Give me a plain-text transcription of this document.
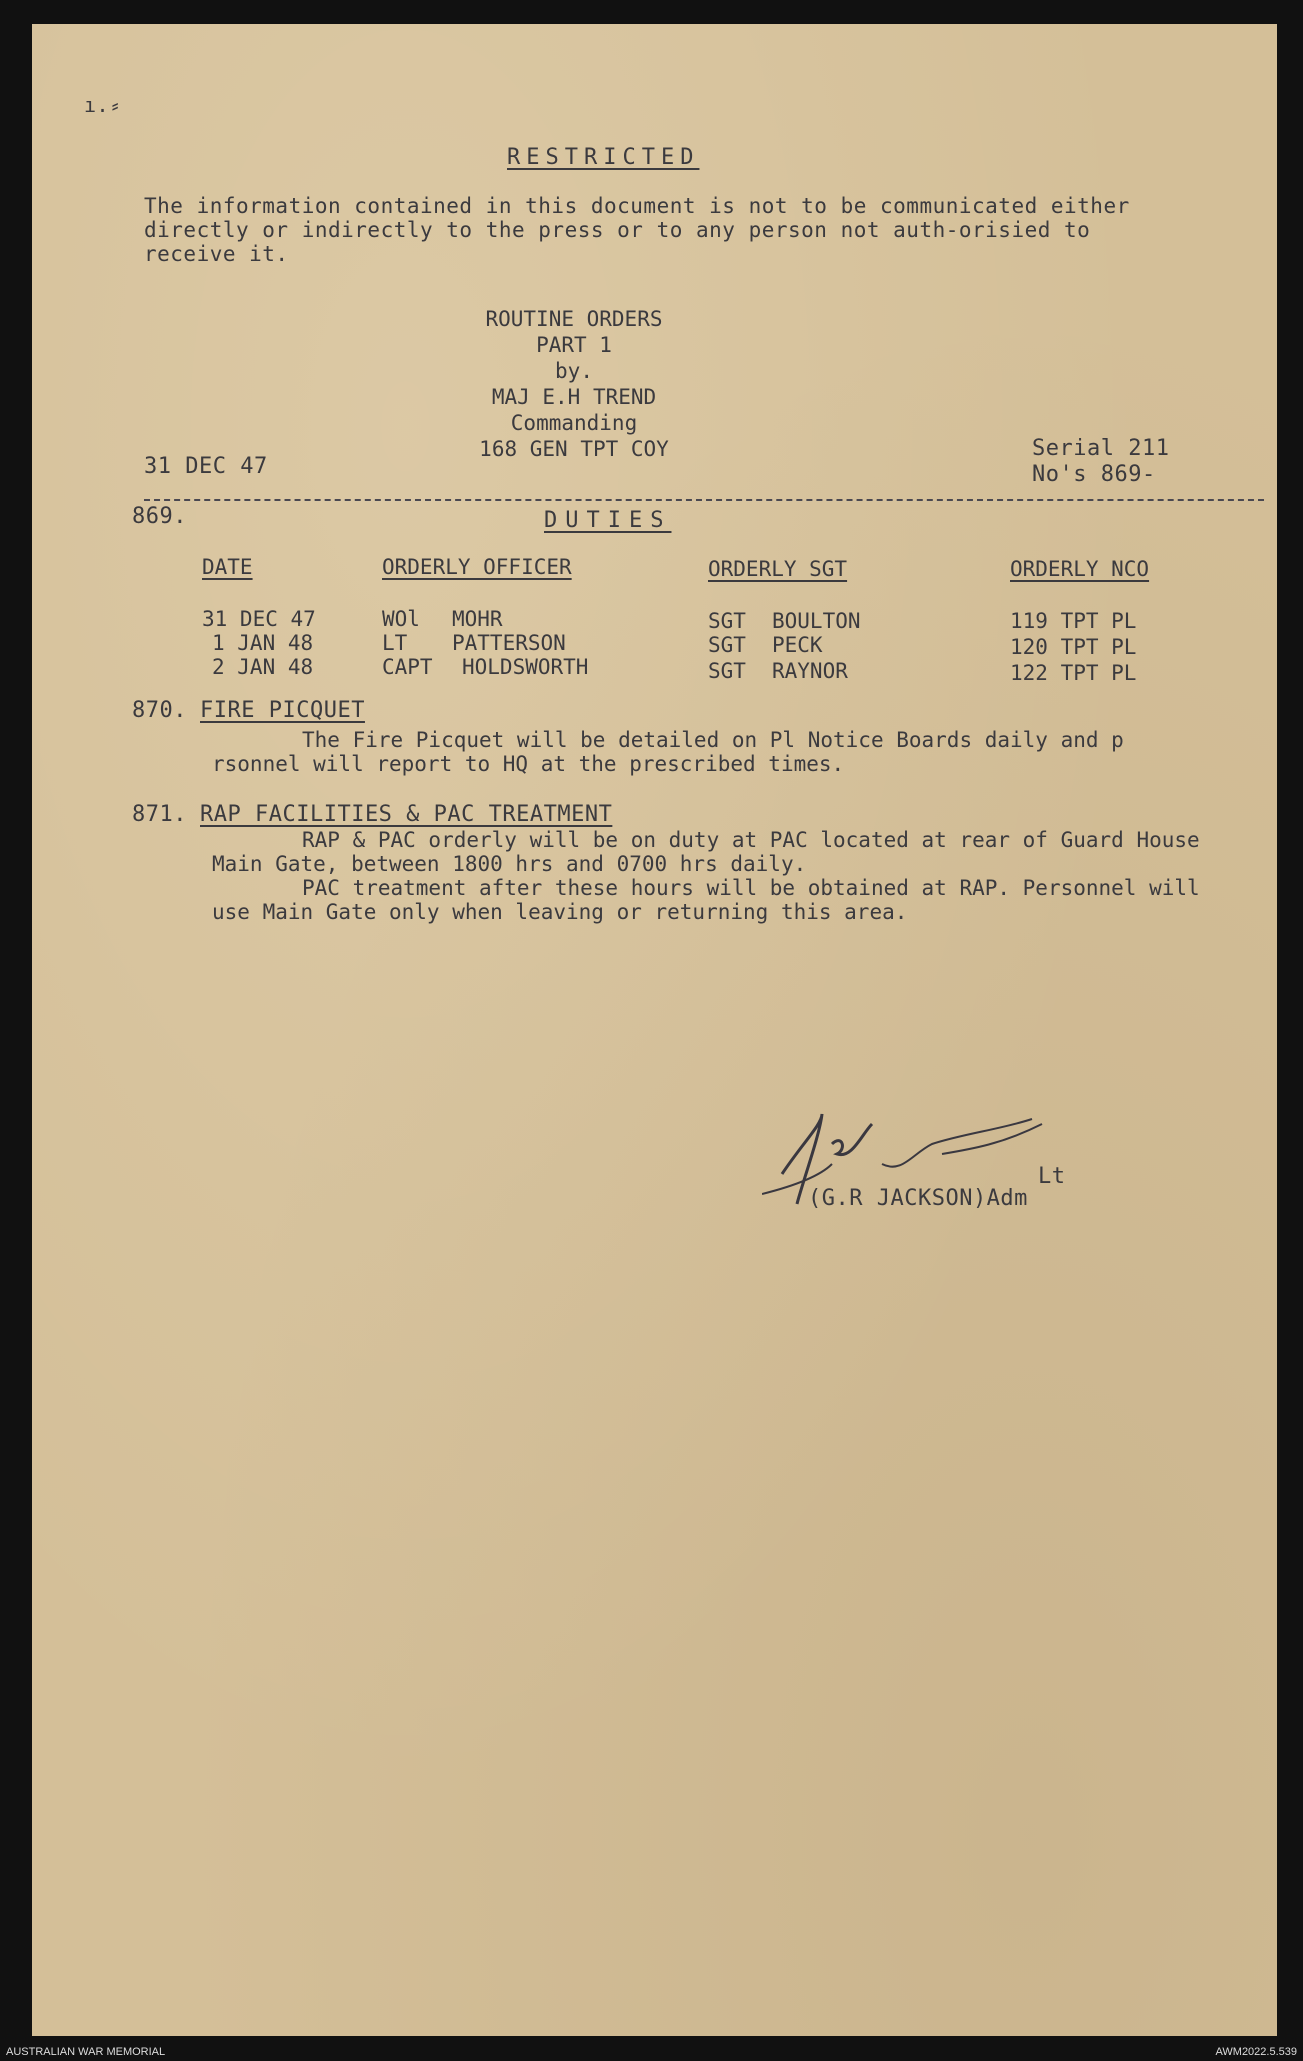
ı.⸗
RESTRICTED
The information contained in this document is not to be communicated either directly or indirectly to the press or to any person not auth-orisied to receive it.
ROUTINE ORDERS
PART 1
by.
MAJ E.H TREND
Commanding
168 GEN TPT COY
31 DEC 47
Serial 211
No's 869-
869.	DUTIES
DATE	ORDERLY OFFICER	ORDERLY SGT	ORDERLY NCO
31 DEC 47	WOl MOHR	SGT BOULTON	119 TPT PL
1 JAN 48	LT PATTERSON	SGT PECK	120 TPT PL
2 JAN 48	CAPT HOLDSWORTH	SGT RAYNOR	122 TPT PL
870. FIRE PICQUET
The Fire Picquet will be detailed on Pl Notice Boards daily and p rsonnel will report to HQ at the prescribed times.
871. RAP FACILITIES & PAC TREATMENT

RAP & PAC orderly will be on duty at PAC located at rear of Guard House Main Gate, between 1800 hrs and 0700 hrs daily.

PAC treatment after these hours will be obtained at RAP. Personnel will use Main Gate only when leaving or returning this area.

Lt
(G.R JACKSON)Adm
AUSTRALIAN WAR MEMORIAL	AWM2022.5.539
